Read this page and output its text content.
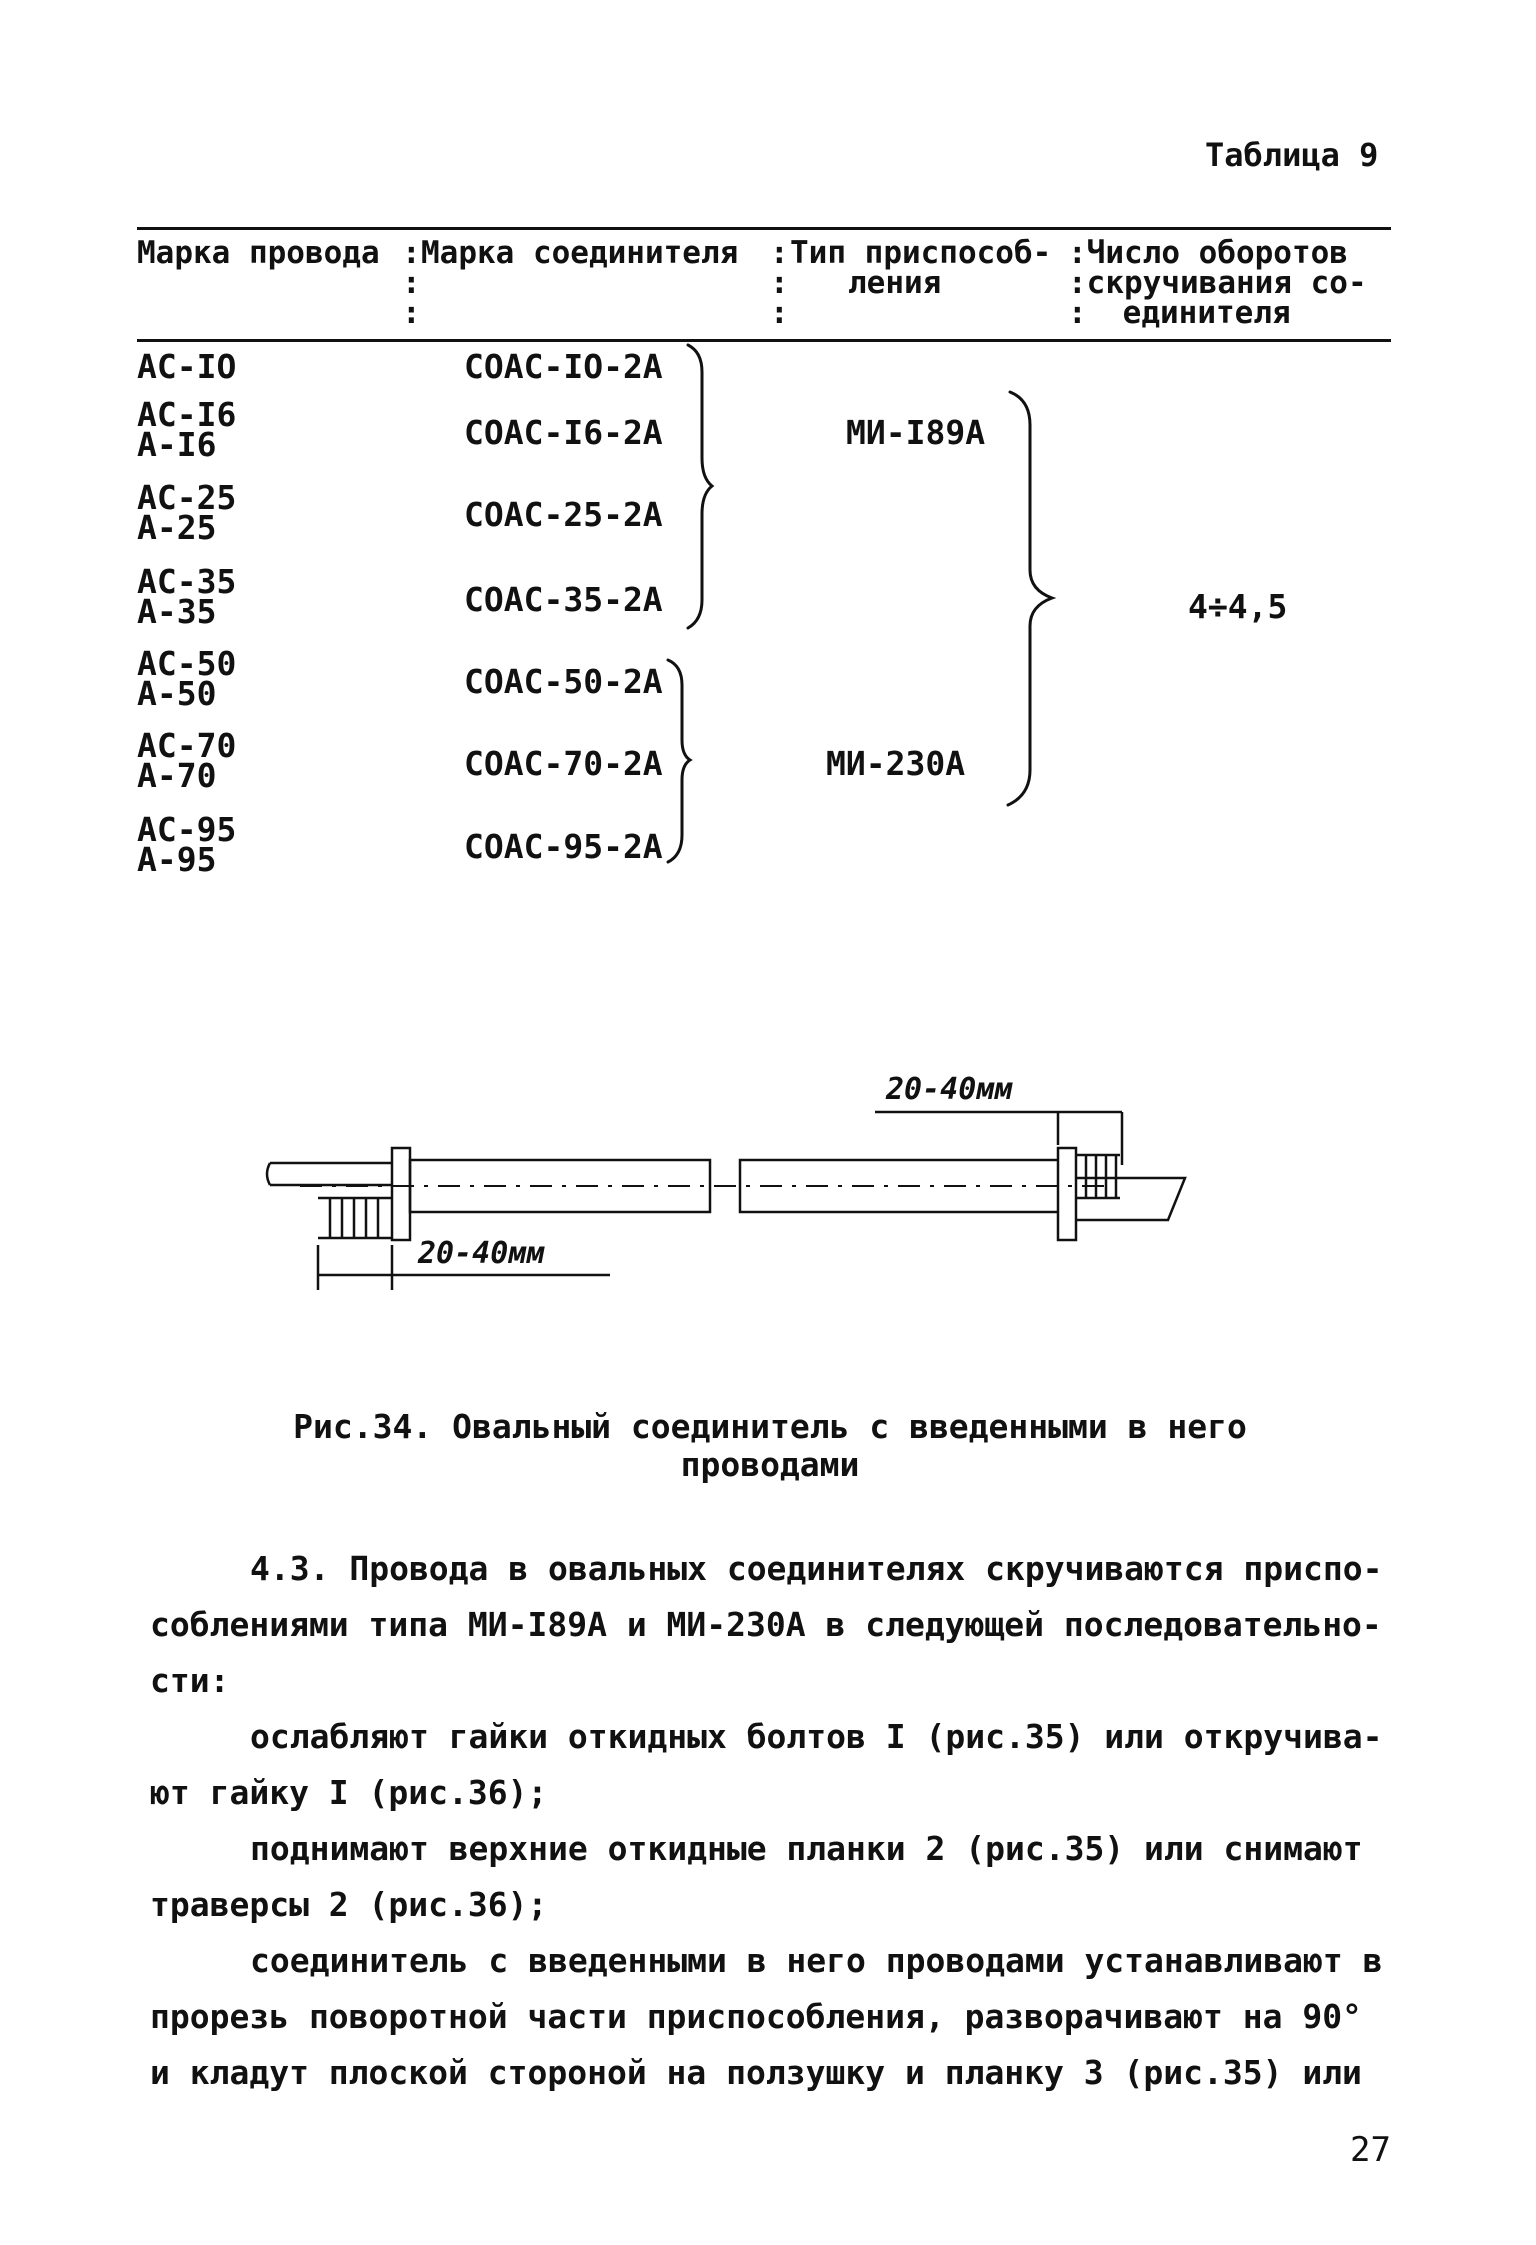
Таблица 9
Марка провода :
:
:
Марка соединителя :
:
:
Тип приспособ-
ления
:Число оборотов
:скручивания со-
: единителя
АС-IO
АС-I6
А-I6
АС-25
А-25
АС-35
А-35
АС-50
А-50
АС-70
А-70
АС-95
А-95
СОАС-IO-2А
СОАС-I6-2А
СОАС-25-2А
СОАС-35-2А
СОАС-50-2А
СОАС-70-2А
СОАС-95-2А
МИ-I89А
МИ-230А
4÷4,5
20-40мм
20-40мм
Рис.34. Овальный соединитель с введенными в него
проводами
4.3. Провода в овальных соединителях скручиваются приспо-
соблениями типа МИ-I89А и МИ-230А в следующей последовательно-
сти:
ослабляют гайки откидных болтов I (рис.35) или откручива-
ют гайку I (рис.36);
поднимают верхние откидные планки 2 (рис.35) или снимают
траверсы 2 (рис.36);
соединитель с введенными в него проводами устанавливают в
прорезь поворотной части приспособления, разворачивают на 90°
и кладут плоской стороной на ползушку и планку 3 (рис.35) или
27
